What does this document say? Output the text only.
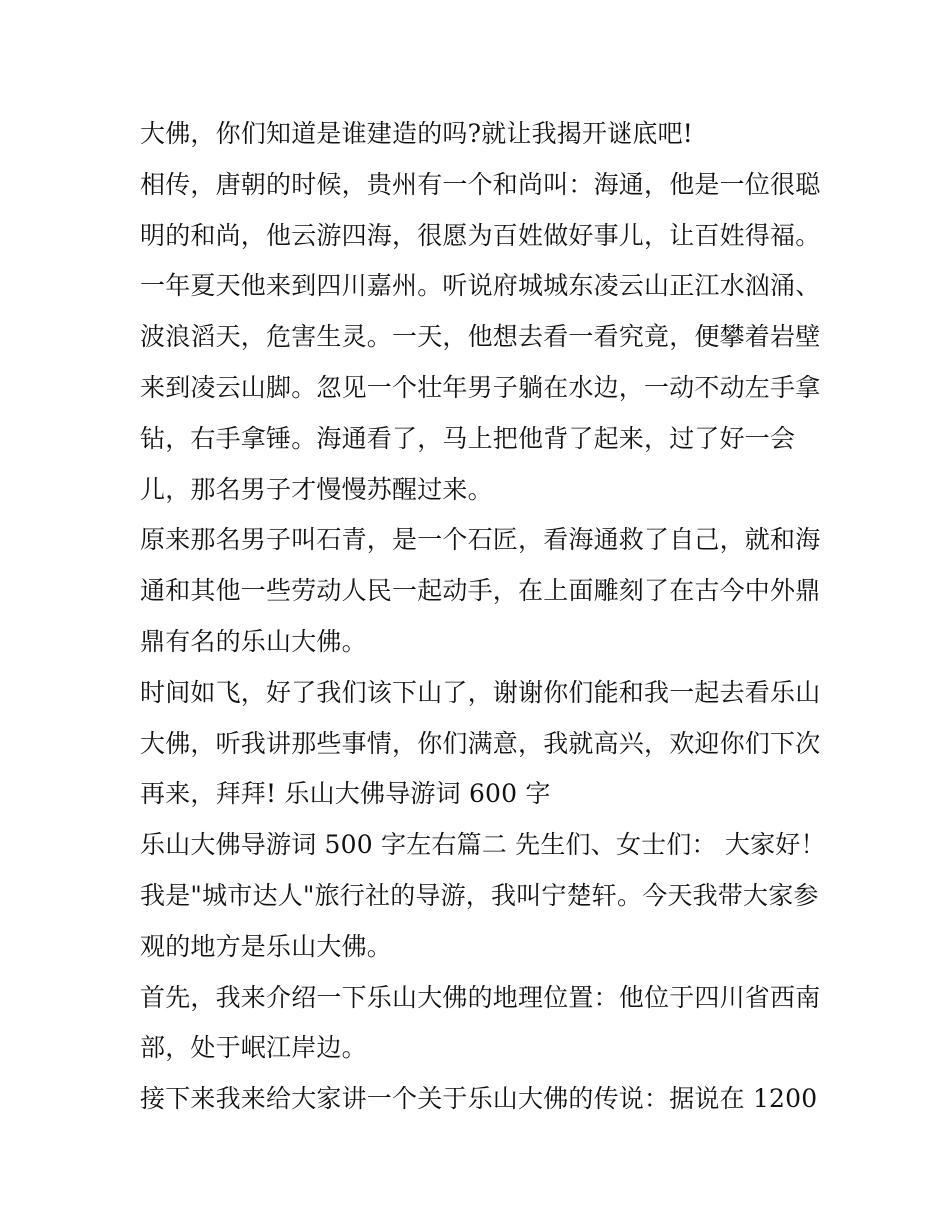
大佛，你们知道是谁建造的吗?就让我揭开谜底吧!
相传，唐朝的时候，贵州有一个和尚叫：海通，他是一位很聪
明的和尚，他云游四海，很愿为百姓做好事儿，让百姓得福。
一年夏天他来到四川嘉州。听说府城城东凌云山正江水汹涌、
波浪滔天，危害生灵。一天，他想去看一看究竟，便攀着岩壁
来到凌云山脚。忽见一个壮年男子躺在水边，一动不动左手拿
钻，右手拿锤。海通看了，马上把他背了起来，过了好一会
儿，那名男子才慢慢苏醒过来。
原来那名男子叫石青，是一个石匠，看海通救了自己，就和海
通和其他一些劳动人民一起动手，在上面雕刻了在古今中外鼎
鼎有名的乐山大佛。
时间如飞，好了我们该下山了，谢谢你们能和我一起去看乐山
大佛，听我讲那些事情，你们满意，我就高兴，欢迎你们下次
再来，拜拜! 乐山大佛导游词 600 字
乐山大佛导游词 500 字左右篇二 先生们、女士们： 大家好！
我是"城市达人"旅行社的导游，我叫宁楚轩。今天我带大家参
观的地方是乐山大佛。
首先，我来介绍一下乐山大佛的地理位置：他位于四川省西南
部，处于岷江岸边。
接下来我来给大家讲一个关于乐山大佛的传说：据说在 1200
